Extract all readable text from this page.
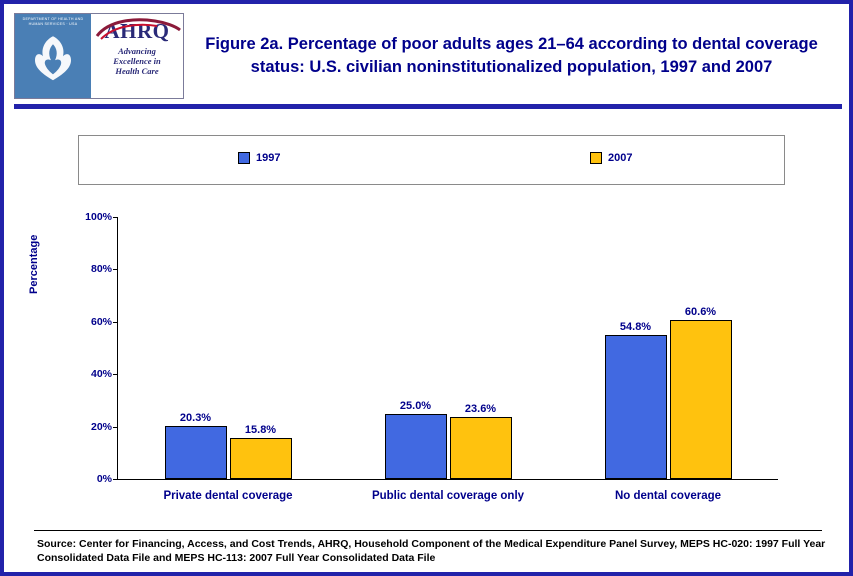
DEPARTMENT OF HEALTH AND HUMAN SERVICES · USA	AHRQ
Advancing
Excellence in
Health Care
Figure 2a. Percentage of poor adults ages 21–64 according to dental coverage status: U.S. civilian noninstitutionalized population, 1997 and 2007
1997	2007
Percentage
0%
20%
40%
60%
80%
100%
20.3%
15.8%
Private dental coverage
25.0%	23.6%
Public dental coverage only
54.8%
60.6%
No dental coverage
Source: Center for Financing, Access, and Cost Trends, AHRQ, Household Component of the Medical Expenditure Panel Survey, MEPS HC-020: 1997 Full Year Consolidated Data File and MEPS HC-113: 2007 Full Year Consolidated Data File
